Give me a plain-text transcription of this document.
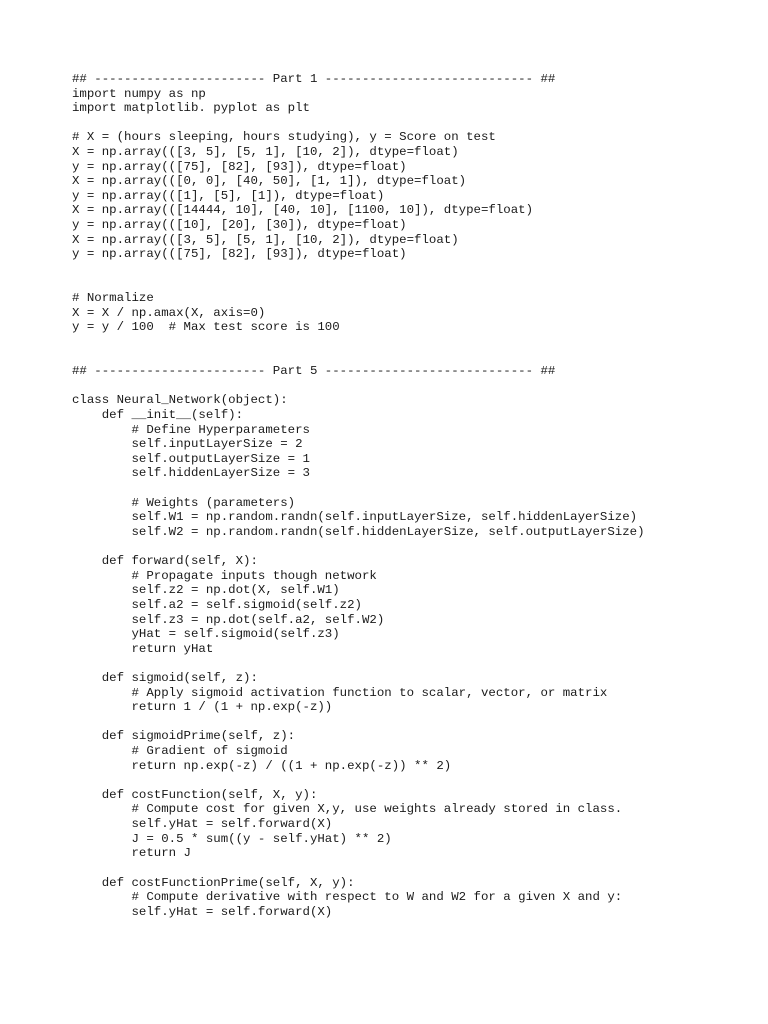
## ----------------------- Part 1 ---------------------------- ##
import numpy as np
import matplotlib. pyplot as plt
# X = (hours sleeping, hours studying), y = Score on test
X = np.array(([3, 5], [5, 1], [10, 2]), dtype=float)
y = np.array(([75], [82], [93]), dtype=float)
X = np.array(([0, 0], [40, 50], [1, 1]), dtype=float)
y = np.array(([1], [5], [1]), dtype=float)
X = np.array(([14444, 10], [40, 10], [1100, 10]), dtype=float)
y = np.array(([10], [20], [30]), dtype=float)
X = np.array(([3, 5], [5, 1], [10, 2]), dtype=float)
y = np.array(([75], [82], [93]), dtype=float)
# Normalize
X = X / np.amax(X, axis=0)
y = y / 100  # Max test score is 100
## ----------------------- Part 5 ---------------------------- ##
class Neural_Network(object):
def __init__(self):
# Define Hyperparameters
self.inputLayerSize = 2
self.outputLayerSize = 1
self.hiddenLayerSize = 3
# Weights (parameters)
self.W1 = np.random.randn(self.inputLayerSize, self.hiddenLayerSize)
self.W2 = np.random.randn(self.hiddenLayerSize, self.outputLayerSize)
def forward(self, X):
# Propagate inputs though network
self.z2 = np.dot(X, self.W1)
self.a2 = self.sigmoid(self.z2)
self.z3 = np.dot(self.a2, self.W2)
yHat = self.sigmoid(self.z3)
return yHat
def sigmoid(self, z):
# Apply sigmoid activation function to scalar, vector, or matrix
return 1 / (1 + np.exp(-z))
def sigmoidPrime(self, z):
# Gradient of sigmoid
return np.exp(-z) / ((1 + np.exp(-z)) ** 2)
def costFunction(self, X, y):
# Compute cost for given X,y, use weights already stored in class.
self.yHat = self.forward(X)
J = 0.5 * sum((y - self.yHat) ** 2)
return J
def costFunctionPrime(self, X, y):
# Compute derivative with respect to W and W2 for a given X and y:
self.yHat = self.forward(X)
